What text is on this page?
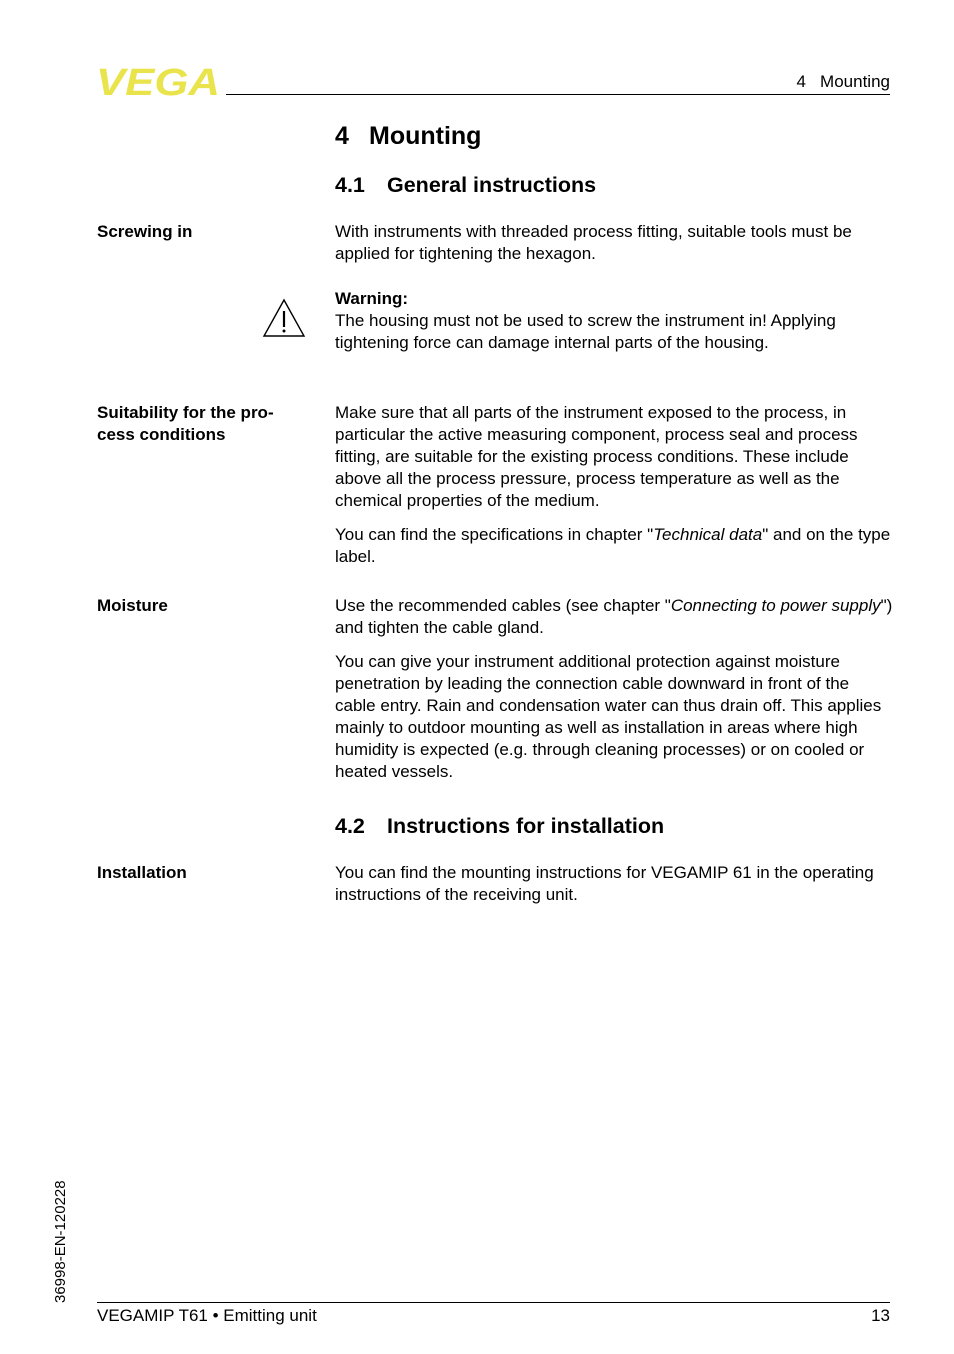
VEGA	4   Mounting
4 Mounting
4.1 General instructions
Screwing in	With instruments with threaded process fitting, suitable tools must be applied for tightening the hexagon.
Warning:
The housing must not be used to screw the instrument in! Applying tightening force can damage internal parts of the housing.
Suitability for the pro-
cess conditions
Make sure that all parts of the instrument exposed to the process, in particular the active measuring component, process seal and process fitting, are suitable for the existing process conditions. These include above all the process pressure, process temperature as well as the chemical properties of the medium.
You can find the specifications in chapter "Technical data" and on the type label.
Moisture	Use the recommended cables (see chapter "Connecting to power supply") and tighten the cable gland.
You can give your instrument additional protection against moisture penetration by leading the connection cable downward in front of the cable entry. Rain and condensation water can thus drain off. This applies mainly to outdoor mounting as well as installation in areas where high humidity is expected (e.g. through cleaning processes) or on cooled or heated vessels.
4.2 Instructions for installation
Installation	You can find the mounting instructions for VEGAMIP 61 in the operating instructions of the receiving unit.
36998-EN-120228
VEGAMIP T61 • Emitting unit	13
